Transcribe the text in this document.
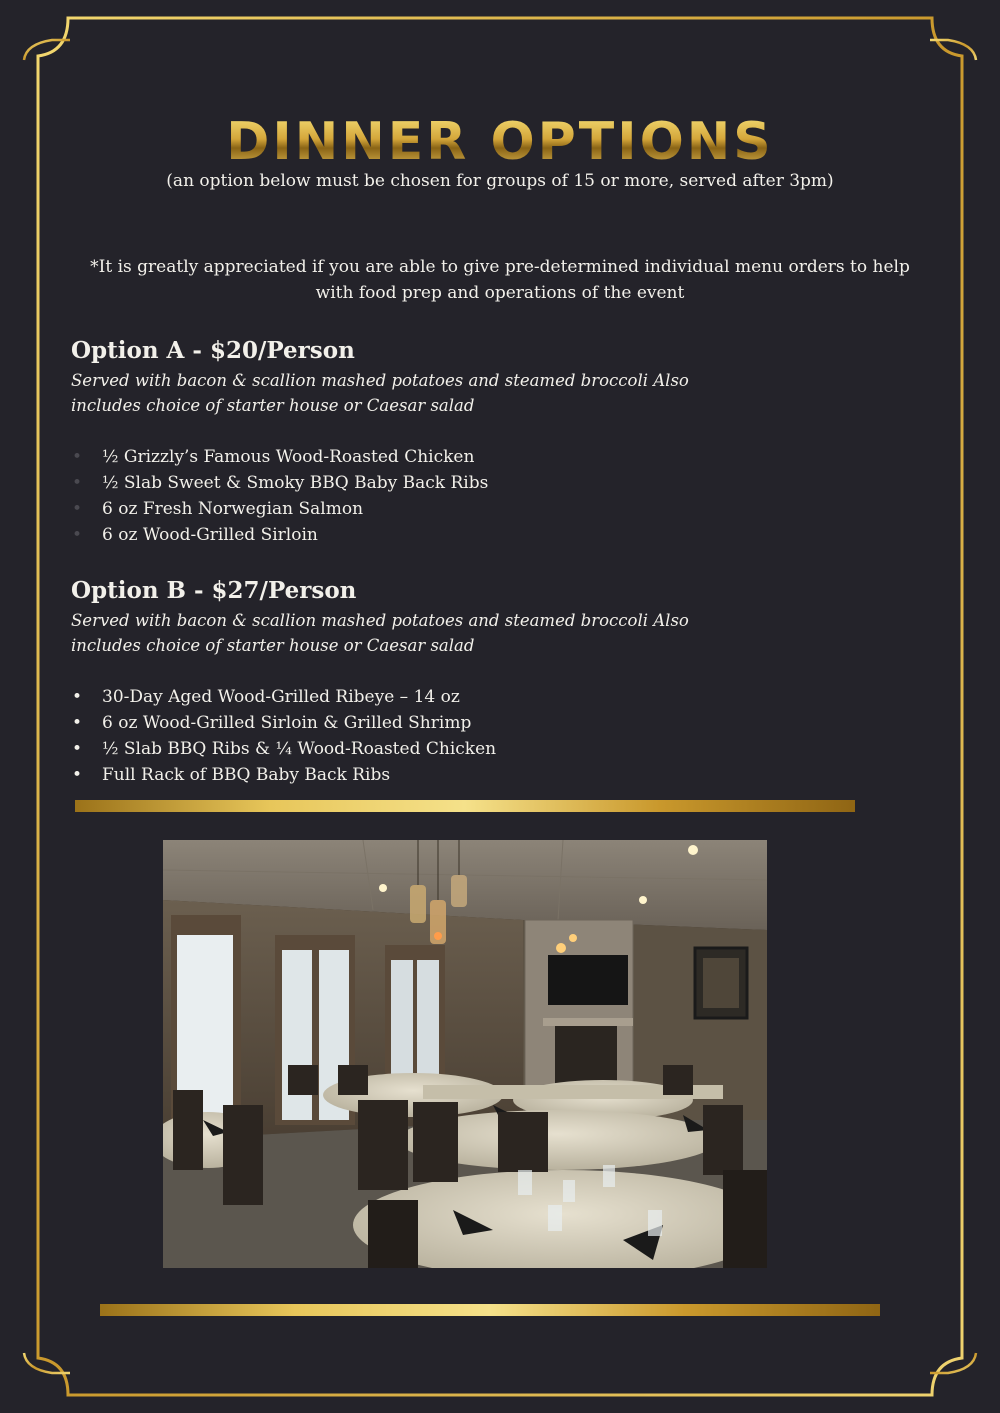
DINNER OPTIONS
(an option below must be chosen for groups of 15 or more, served after 3pm)
*It is greatly appreciated if you are able to give pre-determined individual menu orders to help
with food prep and operations of the event
Option A - $20/Person
Served with bacon & scallion mashed potatoes and steamed broccoli Also
includes choice of starter house or Caesar salad
• ½ Grizzly’s Famous Wood-Roasted Chicken
• ½ Slab Sweet & Smoky BBQ Baby Back Ribs
• 6 oz Fresh Norwegian Salmon
• 6 oz Wood-Grilled Sirloin
Option B - $27/Person
Served with bacon & scallion mashed potatoes and steamed broccoli Also
includes choice of starter house or Caesar salad
• 30-Day Aged Wood-Grilled Ribeye – 14 oz
• 6 oz Wood-Grilled Sirloin & Grilled Shrimp
• ½ Slab BBQ Ribs & ¼ Wood-Roasted Chicken
• Full Rack of BBQ Baby Back Ribs
